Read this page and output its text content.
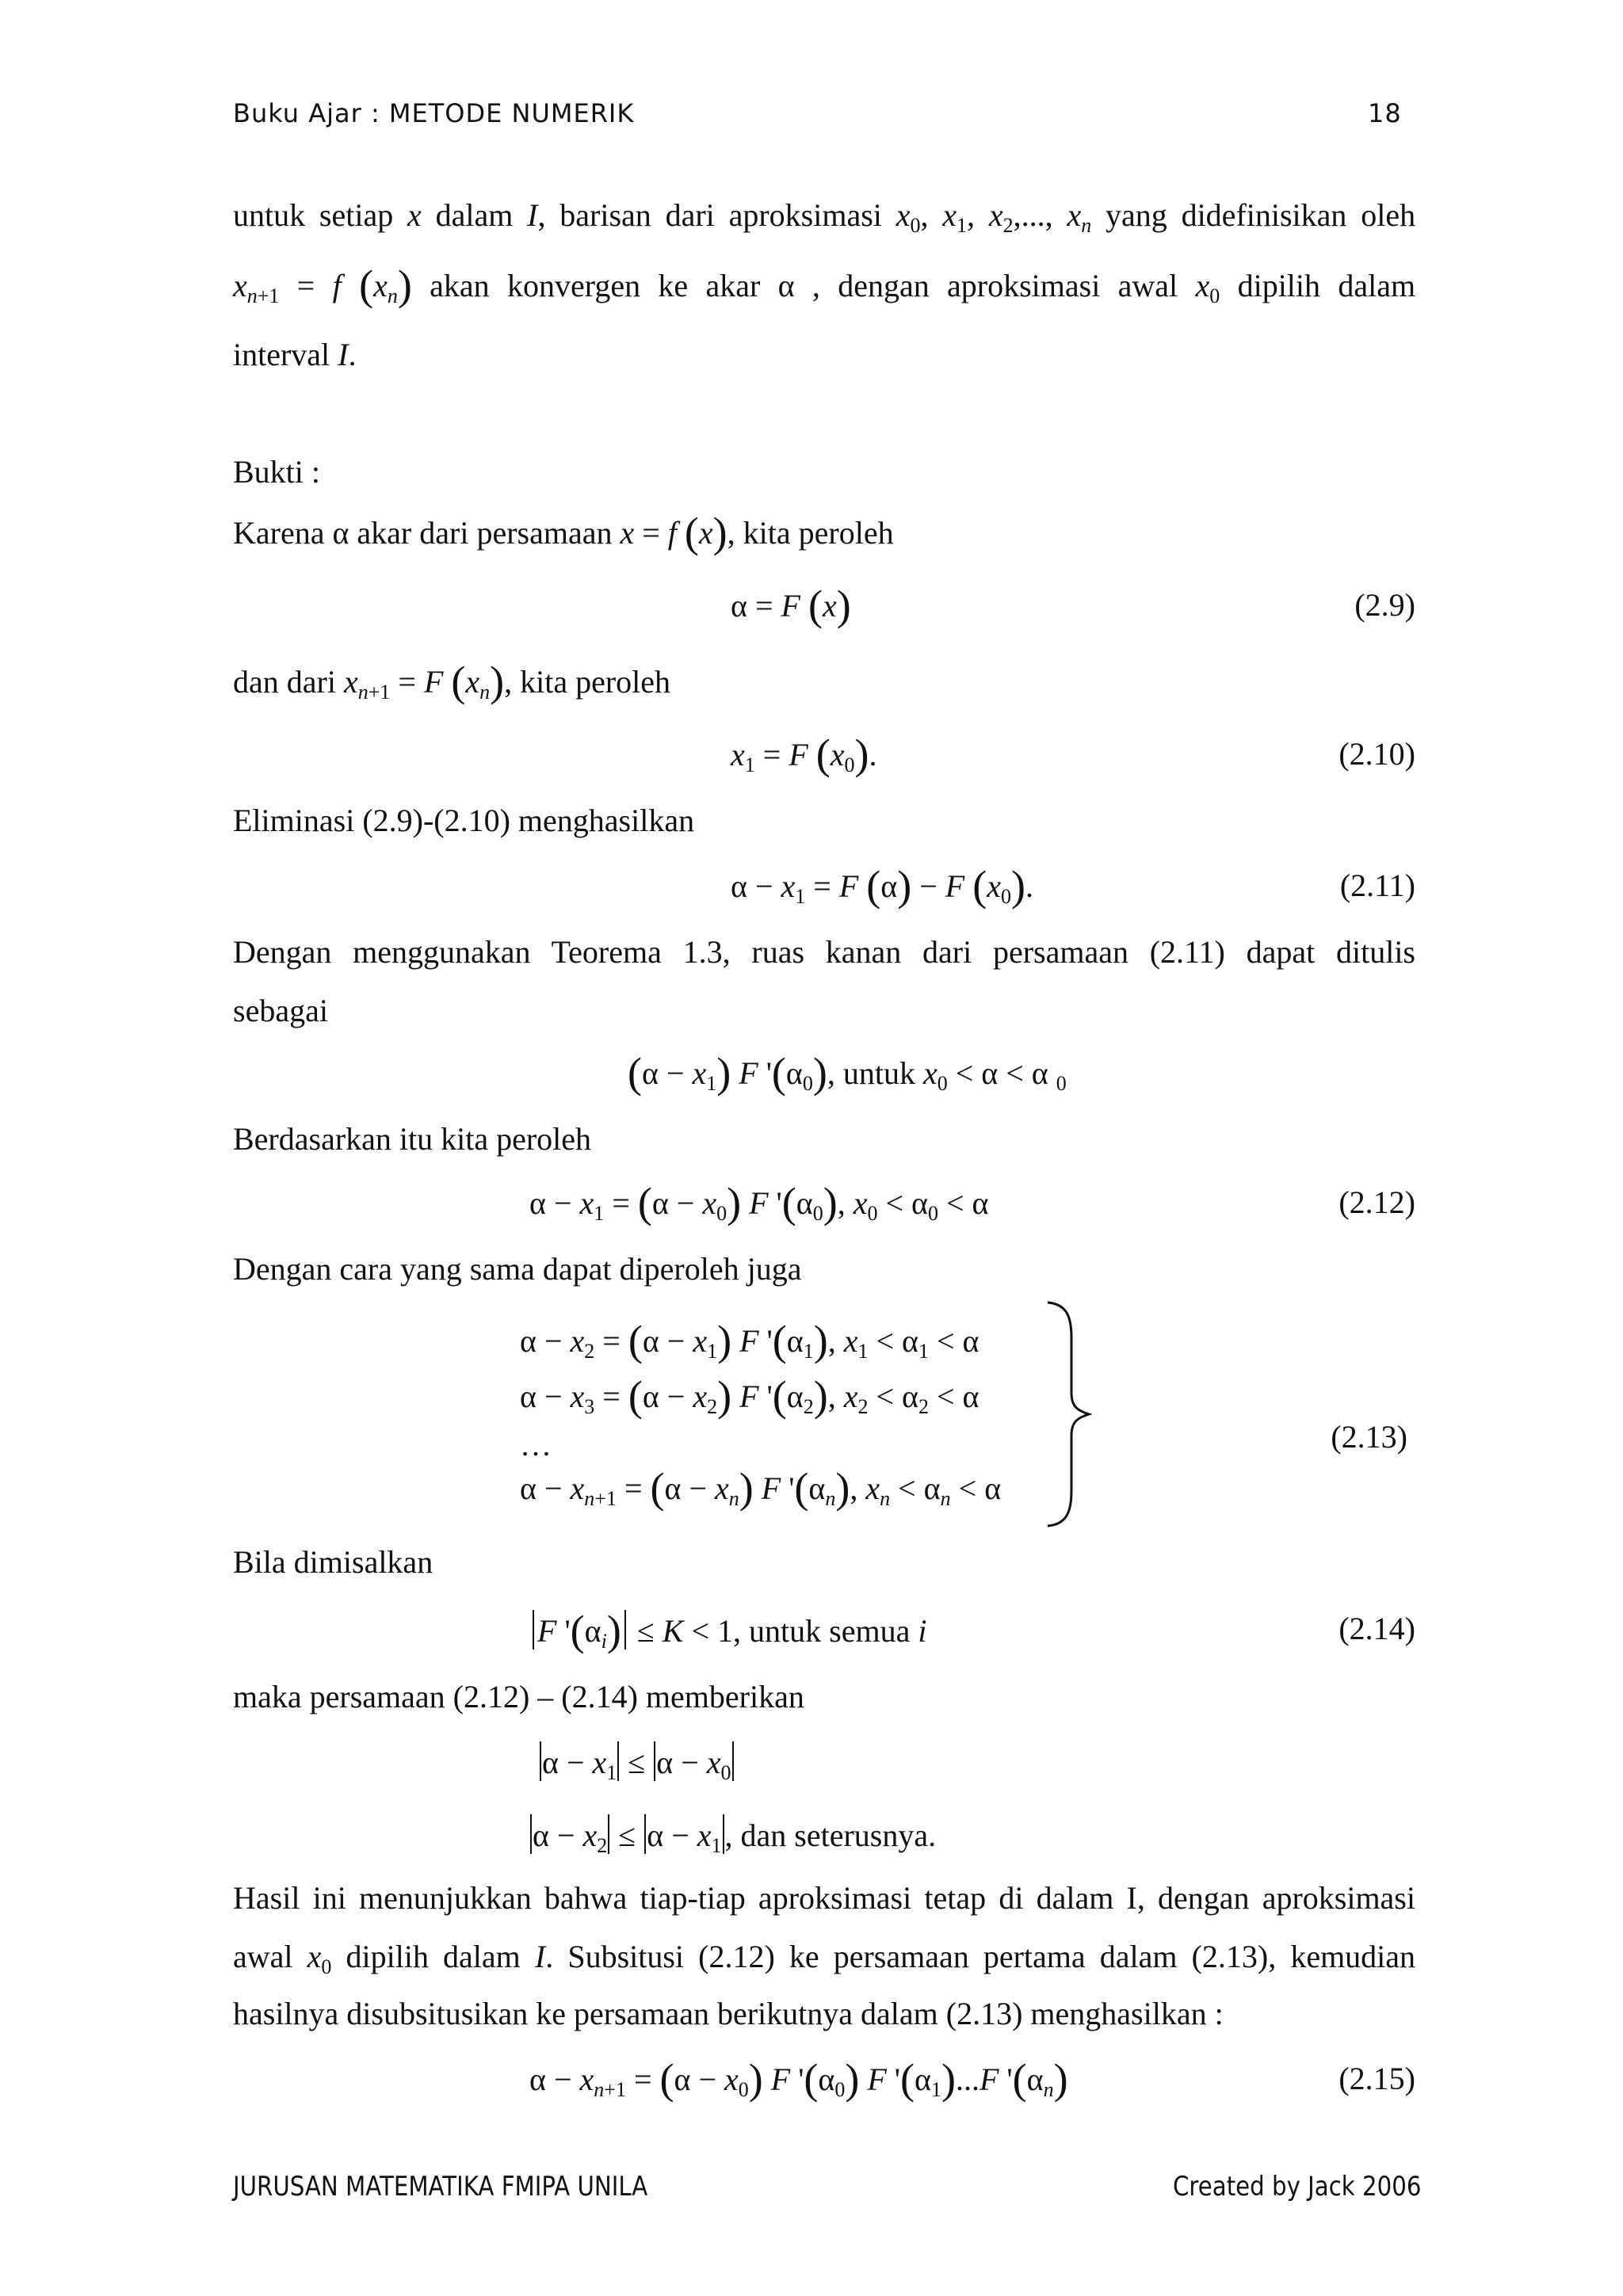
Buku Ajar : METODE NUMERIK	18
untuk setiap x dalam I, barisan dari aproksimasi $x_0$, $x_1$, $x_2$,..., $x_n$ yang didefinisikan oleh
$x_{n+1} = f$ $(x_n)$ akan konvergen ke akar α , dengan aproksimasi awal $x_0$ dipilih dalam
interval I.
Bukti :
Karena α akar dari persamaan x = f (x), kita peroleh
α = F (x)	(2.9)
dan dari $x_{n+1} = F$ $(x_n)$, kita peroleh
$x_1 = F$ $(x_0)$.	(2.10)
Eliminasi (2.9)-(2.10) menghasilkan
$\alpha - x_1 = F$ (α) − F $(x_0)$.	(2.11)
Dengan menggunakan Teorema 1.3, ruas kanan dari persamaan (2.11) dapat ditulis
sebagai
$(\alpha - x_1)$ F '$(\alpha_0)$, untuk $x_0 < \alpha < \alpha$ $_0$
Berdasarkan itu kita peroleh
$\alpha - x_1 = (\alpha - x_0)$ F '$(\alpha_0)$, $x_0 < \alpha_0 < \alpha$	(2.12)
Dengan cara yang sama dapat diperoleh juga
$\alpha - x_2 = (\alpha - x_1)$ F '$(\alpha_1)$, $x_1 < \alpha_1 < \alpha$
$\alpha - x_3 = (\alpha - x_2)$ F '$(\alpha_2)$, $x_2 < \alpha_2 < \alpha$
…
$\alpha - x_{n+1} = (\alpha - x_n)$ F '$(\alpha_n)$, $x_n < \alpha_n < \alpha$
(2.13)
Bila dimisalkan
F '$(\alpha_i) \le K < 1$, untuk semua i	(2.14)
maka persamaan (2.12) – (2.14) memberikan
$\alpha - x_1 \le \alpha - x_0$
$\alpha - x_2 \le \alpha - x_1$ , dan seterusnya.
Hasil ini menunjukkan bahwa tiap-tiap aproksimasi tetap di dalam I, dengan aproksimasi
awal $x_0$ dipilih dalam I. Subsitusi (2.12) ke persamaan pertama dalam (2.13), kemudian
hasilnya disubsitusikan ke persamaan berikutnya dalam (2.13) menghasilkan :
$\alpha - x_{n+1} = (\alpha - x_0)$ F '$(\alpha_0)$ F '$(\alpha_1)...F$ '$(\alpha_n)$	(2.15)
JURUSAN MATEMATIKA FMIPA UNILA	Created by Jack 2006
